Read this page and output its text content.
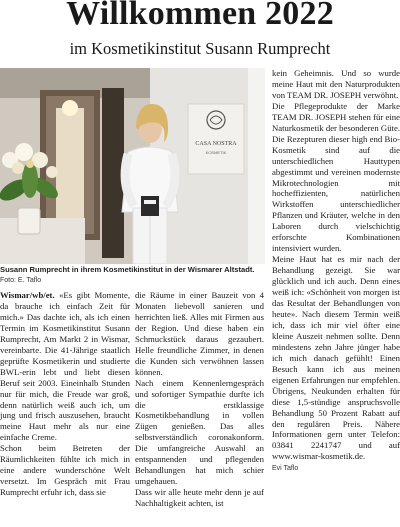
Willkommen 2022
im Kosmetikinstitut Susann Rumprecht
CASA NOSTRA
KOSMETIK
Susann Rumprecht in ihrem Kosmetikinstitut in der Wismarer Altstadt.
Foto: E. Taflo

Wismar/wb/et. «Es gibt Momente, da brauche ich einfach Zeit für mich.» Das dachte ich, als ich einen Termin im Kosmetikinstitut Susann Rumprecht, Am Markt 2 in Wismar, vereinbarte. Die 41-Jährige staatlich geprüfte Kosmetikerin und studierte BWL-erin lebt und liebt diesen Beruf seit 2003. Eineinhalb Stunden nur für mich, die Freude war groß, denn natürlich weiß auch ich, um jung und frisch auszusehen, braucht meine Haut mehr als nur eine einfache Creme.

Schon beim Betreten der Räumlichkeiten fühlte ich mich in eine andere wunderschöne Welt versetzt. Im Gespräch mit Frau Rumprecht erfuhr ich, dass sie

die Räume in einer Bauzeit von 4 Monaten liebevoll sanieren und herrichten ließ. Alles mit Firmen aus der Region. Und diese haben ein Schmuckstück daraus gezaubert. Helle freundliche Zimmer, in denen die Kunden sich verwöhnen lassen können.

Nach einem Kennenlerngespräch und sofortiger Sympathie durfte ich die erstklassige Kosmetikbehandlung in vollen Zügen genießen. Das alles selbstverständlich coronakonform. Die umfangreiche Auswahl an entspannenden und pflegenden Behandlungen hat mich schier umgehauen.

Dass wir alle heute mehr denn je auf Nachhaltigkeit achten, ist

kein Geheimnis. Und so wurde meine Haut mit den Naturprodukten von TEAM DR. JOSEPH verwöhnt.

Die Pflegeprodukte der Marke TEAM DR. JOSEPH stehen für eine Naturkosmetik der besonderen Güte. Die Rezepturen dieser high end Bio-Kosmetik sind auf die unterschiedlichen Hauttypen abgestimmt und vereinen modernste Mikrotechnologien mit hocheffizienten, natürlichen Wirkstoffen unterschiedlicher Pflanzen und Kräuter, welche in den Laboren durch vielschichtig erforschte Kombinationen intensiviert wurden.

Meine Haut hat es mir nach der Behandlung gezeigt. Sie war glücklich und ich auch. Denn eines weiß ich: «Schönheit von morgen ist das Resultat der Behandlungen von heute». Nach diesem Termin weiß ich, dass ich mir viel öfter eine kleine Auszeit nehmen sollte. Denn mindestens zehn Jahre jünger habe ich mich danach gefühlt! Einen Besuch kann ich aus meinen eigenen Erfahrungen nur empfehlen. Übrigens, Neukunden erhalten für diese 1,5-stündige anspruchsvolle Behandlung 50 Prozent Rabatt auf den regulären Preis. Nähere Informationen gern unter Telefon: 03841 2241747 und auf www.wismar-kosmetik.de.

Evi Taflo
